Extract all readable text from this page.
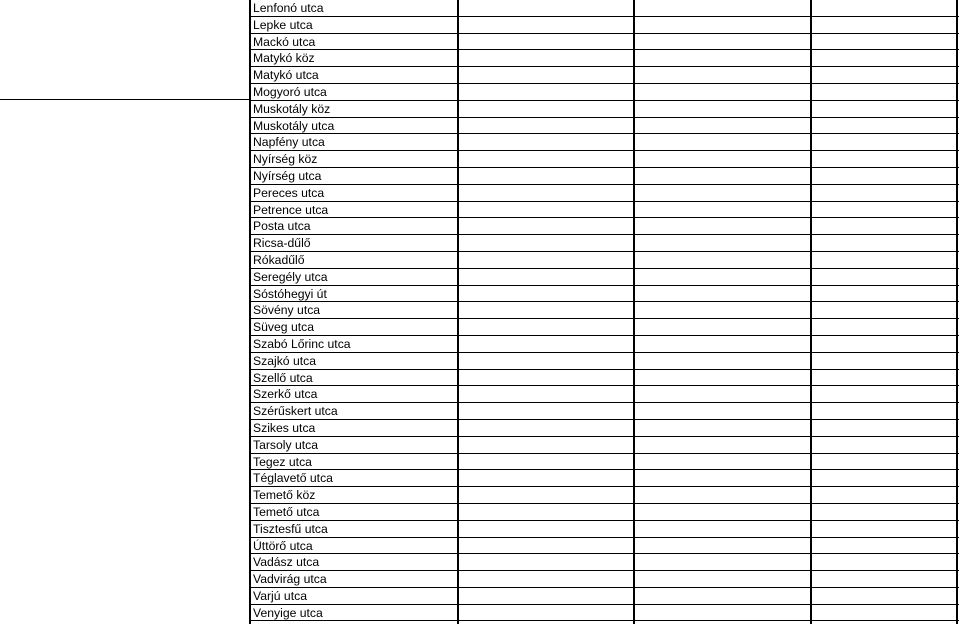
Lenfonó utca
Lepke utca
Mackó utca
Matykó köz
Matykó utca
Mogyoró utca
Muskotály köz
Muskotály utca
Napfény utca
Nyírség köz
Nyírség utca
Pereces utca
Petrence utca
Posta utca
Ricsa-dűlő
Rókadűlő
Seregély utca
Sóstóhegyi út
Sövény utca
Süveg utca
Szabó Lőrinc utca
Szajkó utca
Szellő utca
Szerkő utca
Szérűskert utca
Szikes utca
Tarsoly utca
Tegez utca
Téglavető utca
Temető köz
Temető utca
Tisztesfű utca
Úttörő utca
Vadász utca
Vadvirág utca
Varjú utca
Venyige utca
